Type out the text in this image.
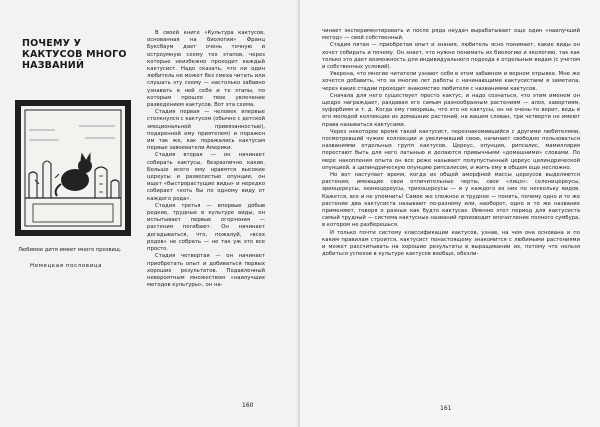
ПОЧЕМУ У КАКТУСОВ МНОГО НАЗВАНИЙ
Любимое дитя имеет много прозвищ.
Немецкая пословица

В своей книге «Культура кактусов, основанная на биологии» Франц Буксбаум дает очень точную и остроумную схему тех этапов, через которые неизбежно проходит каждый кактусист. Надо сказать, что ни один любитель не может без смеха читать или слушать эту схему — настолько забавно узнавать в ней себя и те этапы, по которым прошло твое увлечение разведением кактусов. Вот эта схема.

Стадия первая — человек впервые столкнулся с кактусом (обычно с детской эмоциональной привязанностью), подаренной ему приятелем) и поражен им так же, как поражались кактусам первые завоеватели Америки.

Стадия вторая — он начинает собирать кактусы, безразлично какие. Больше всего ему нравятся высокие цереусы и развесистые опунции, он ищет «быстрорастущие виды» и нередко собирает «хоть бы по одному виду от каждого рода».

Стадия третья — впервые добыв редкие, трудные в культуре виды, он испытывает первые огорчения — растения погибают. Он начинает догадываться, что, пожалуй, «всех родов» не собрать — не так уж это все просто.

Стадия четвертая — он начинает приобретать опыт и добиваться первых хороших результатов. Подавленный невероятным множеством «наилучших методов культуры», он на-

160

чинает экспериментировать и после ряда неудач вырабатывает еще один «наилучший метод» — свой собственный.

Стадия пятая — приобретая опыт и знания, любитель ясно понимает, какие виды он хочет собирать и почему. Он знает, что нужно понимать их биологию и экологию, так как только это дает возможность для индивидуального подхода к отдельным видам (с учетом и собственных условий).

Уверена, что многие читатели узнают себя в этом забавном и верном отрывке. Мне же хочется добавить, что за многие лет работы с начинающими кактусистами я заметила, через какие стадии проходит знакомство любителя с названиями кактусов.

Сначала для него существует просто кактус, и надо сознаться, что этим именем он щедро награждает, раздавая его самым разнообразным растениям — алоэ, хавортиям, эуфорбиям и т. д. Когда ему говоришь, что это не кактусы, он не очень-то верит, ведь в его молодой коллекции из домашних растений, на вашем слован, три четверти не имеют права называться кактусами.

Через некоторое время такой кактусист, перезнакомившийся с другими любителями, посмотревший чужие коллекции и увеличивший свою, начинает свободно пользоваться названиями отдельных групп кактусов. Цереус, опунция, рипсалис, мамиллярия перестают быть для него латынью и делаются привычными «домашними» словами. По мере накопления опыта он все реже называет полупустынный цереус цилиндрической опунцией, а цилиндрическую опунцию рипсалисом, и жить ему в общем еще несложно.

Но вот наступает время, когда из общей аморфной массы цереусов выделяются растения, имеющие свои отличительные черты, свое «лицо»: селеницереусы, эриоцереусы, эхиноцереусы, трихоцереусы — и у каждого из них по нескольку видов. Кажется, все и не упомнить! Самое же сложное и трудное — понять, почему одно и то же растение два кактусиста называют по-разному или, наоборот, одно и то же название применяют, говоря о разных как будто кактусах. Именно этот период для кактусиста самый трудный — система кактусных названий производит впечатление полного сумбура, в котором не разберешься.

И только почти систему классификации кактусов, узнав, на чем она основана и по каким правилам строится, кактусист понастоящему знакомится с любимыми растениями и может рассчитывать на хорошие результаты в выращивании их, потому что нельзя добиться успехов в культуре кактусов вообще, обезли-

161
